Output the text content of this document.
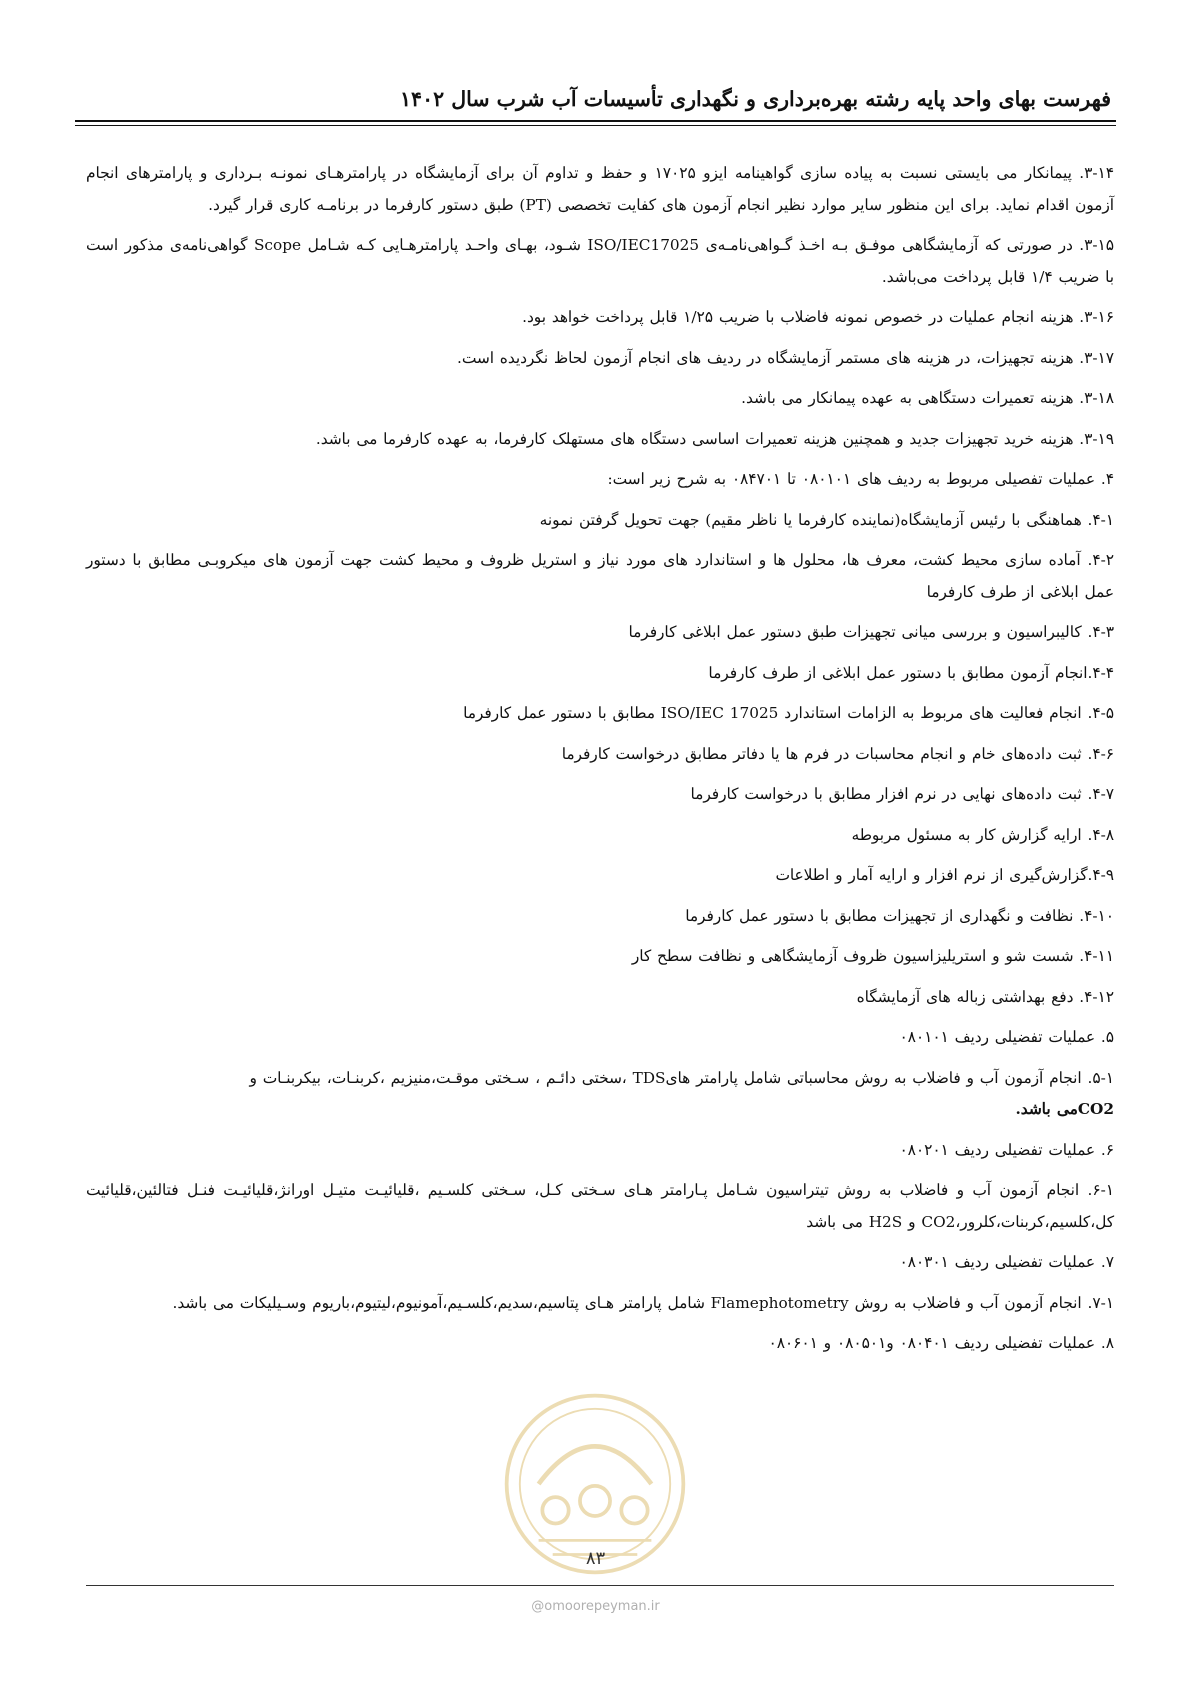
فهرست بهای واحد پایه رشته بهره‌برداری و نگهداری تأسیسات آب شرب سال ۱۴۰۲

۳-۱۴. پیمانکار می بایستی نسبت به پیاده سازی گواهینامه ایزو ۱۷۰۲۵ و حفظ و تداوم آن برای آزمایشگاه در پارامترهـای نمونـه بـرداری و پارامترهای انجام آزمون اقدام نماید. برای این منظور سایر موارد نظیر انجام آزمون های کفایت تخصصی (PT) طبق دستور کارفرما در برنامـه کاری قرار گیرد.

۳-۱۵. در صورتی که آزمایشگاهی موفـق بـه اخـذ گـواهی‌نامـه‌ی ISO/IEC17025 شـود، بهـای واحـد پارامترهـایی کـه شـامل Scope گواهی‌نامه‌ی مذکور است با ضریب ۱/۴ قابل پرداخت می‌باشد.

۳-۱۶. هزینه انجام عملیات در خصوص نمونه فاضلاب با ضریب ۱/۲۵ قابل پرداخت خواهد بود.

۳-۱۷. هزینه تجهیزات، در هزینه های مستمر آزمایشگاه در ردیف های انجام آزمون لحاظ نگردیده است.

۳-۱۸. هزینه تعمیرات دستگاهی به عهده پیمانکار می باشد.

۳-۱۹. هزینه خرید تجهیزات جدید و همچنین هزینه تعمیرات اساسی دستگاه های مستهلک کارفرما، به عهده کارفرما می باشد.

۴. عملیات تفصیلی مربوط به ردیف های ۰۸۰۱۰۱ تا ۰۸۴۷۰۱ به شرح زیر است:

۴-۱. هماهنگی با رئیس آزمایشگاه(نماینده کارفرما یا ناظر مقیم) جهت تحویل گرفتن نمونه

۴-۲. آماده سازی محیط کشت، معرف ها، محلول ها و استاندارد های مورد نیاز و استریل ظروف و محیط کشت جهت آزمون های میکروبـی مطابق با دستور عمل ابلاغی از طرف کارفرما

۴-۳. کالیبراسیون و بررسی میانی تجهیزات طبق دستور عمل ابلاغی کارفرما

۴-۴.انجام آزمون مطابق با دستور عمل ابلاغی از طرف کارفرما

۴-۵. انجام فعالیت های مربوط به الزامات استاندارد ISO/IEC 17025 مطابق با دستور عمل کارفرما

۴-۶. ثبت داده‌های خام و انجام محاسبات در فرم ها یا دفاتر مطابق درخواست کارفرما

۴-۷. ثبت داده‌های نهایی در نرم افزار مطابق با درخواست کارفرما

۴-۸. ارایه گزارش کار به مسئول مربوطه

۴-۹.گزارش‌گیری از نرم افزار و ارایه آمار و اطلاعات

۴-۱۰. نظافت و نگهداری از تجهیزات مطابق با دستور عمل کارفرما

۴-۱۱. شست شو و استریلیزاسیون ظروف آزمایشگاهی و نظافت سطح کار

۴-۱۲. دفع بهداشتی زباله های آزمایشگاه

۵. عملیات تفضیلی ردیف ۰۸۰۱۰۱

۵-۱. انجام آزمون آب و فاضلاب به روش محاسباتی شامل پارامتر هایTDS ،سختی دائـم ، سـختی موقـت،منیزیم ،کربنـات، بیکربنـات و

CO2می باشد.

۶. عملیات تفضیلی ردیف ۰۸۰۲۰۱

۶-۱. انجام آزمون آب و فاضلاب به روش تیتراسیون شـامل پـارامتر هـای سـختی کـل، سـختی کلسـیم ،قلیائیـت متیـل اورانژ،قلیائیـت فنـل فتالئین،قلیائیت کل،کلسیم،کربنات،کلرور،CO2 و H2S می باشد

۷. عملیات تفضیلی ردیف ۰۸۰۳۰۱

۷-۱. انجام آزمون آب و فاضلاب به روش Flamephotometry شامل پارامتر هـای پتاسیم،سدیم،کلسـیم،آمونیوم،لیتیوم،باریوم وسـیلیکات می باشد.

۸. عملیات تفضیلی ردیف ۰۸۰۴۰۱ و۰۸۰۵۰۱ و ۰۸۰۶۰۱

۸۳
@omoorepeyman.ir
